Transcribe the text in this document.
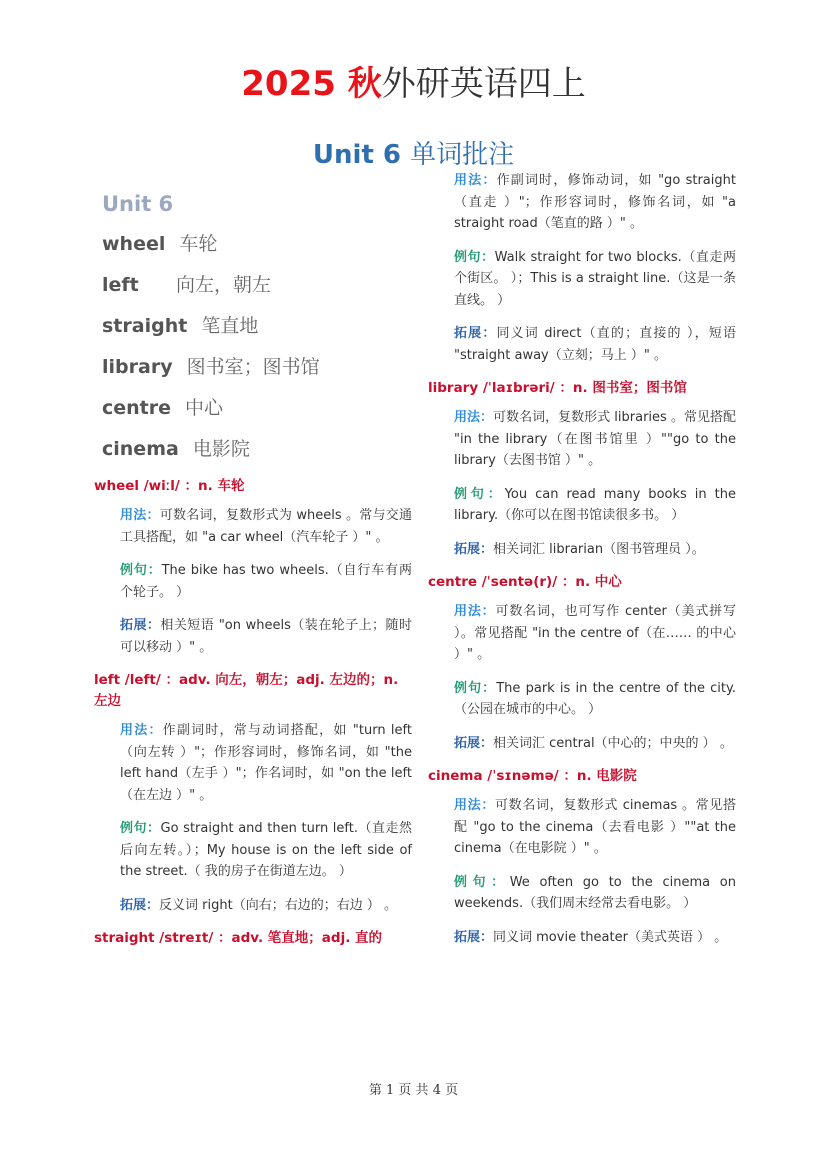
2025 秋外研英语四上
Unit 6 单词批注
Unit 6
wheel 车轮
left 向左，朝左
straight 笔直地
library 图书室；图书馆
centre 中心
cinema 电影院
wheel /wiːl/ ：n. 车轮
用法：可数名词，复数形式为 wheels 。常与交通工具搭配，如 "a car wheel（汽车轮子 ）" 。
例句：The bike has two wheels.（自行车有两个轮子。 ）
拓展：相关短语 "on wheels（装在轮子上；随时可以移动 ）" 。
left /left/ ：adv. 向左，朝左；adj. 左边的；n. 左边
用法：作副词时，常与动词搭配，如 "turn left（向左转 ）"；作形容词时，修饰名词，如 "the left hand（左手 ）"；作名词时，如 "on the left（在左边 ）" 。
例句：Go straight and then turn left.（直走然后向左转。）；My house is on the left side of the street.（ 我的房子在街道左边。 ）
拓展：反义词 right（向右；右边的；右边 ） 。
straight /streɪt/ ：adv. 笔直地；adj. 直的
用法：作副词时，修饰动词，如 "go straight（直走 ）"；作形容词时，修饰名词，如 "a straight road（笔直的路 ）" 。
例句：Walk straight for two blocks.（直走两个街区。 ）；This is a straight line.（这是一条直线。 ）
拓展：同义词 direct（直的；直接的 ），短语 "straight away（立刻；马上 ）" 。
library /ˈlaɪbrəri/ ：n. 图书室；图书馆
用法：可数名词，复数形式 libraries 。常见搭配 "in the library（在图书馆里 ）""go to the library（去图书馆 ）" 。
例句：You can read many books in the library.（你可以在图书馆读很多书。 ）
拓展：相关词汇 librarian（图书管理员 ）。
centre /ˈsentə(r)/ ：n. 中心
用法：可数名词，也可写作 center（美式拼写 ）。常见搭配 "in the centre of（在…… 的中心 ）" 。
例句：The park is in the centre of the city.（公园在城市的中心。 ）
拓展：相关词汇 central（中心的；中央的 ） 。
cinema /ˈsɪnəmə/ ：n. 电影院
用法：可数名词，复数形式 cinemas 。常见搭配 "go to the cinema（去看电影 ）""at the cinema（在电影院 ）" 。
例句：We often go to the cinema on weekends.（我们周末经常去看电影。 ）
拓展：同义词 movie theater（美式英语 ） 。
第 1 页 共 4 页
